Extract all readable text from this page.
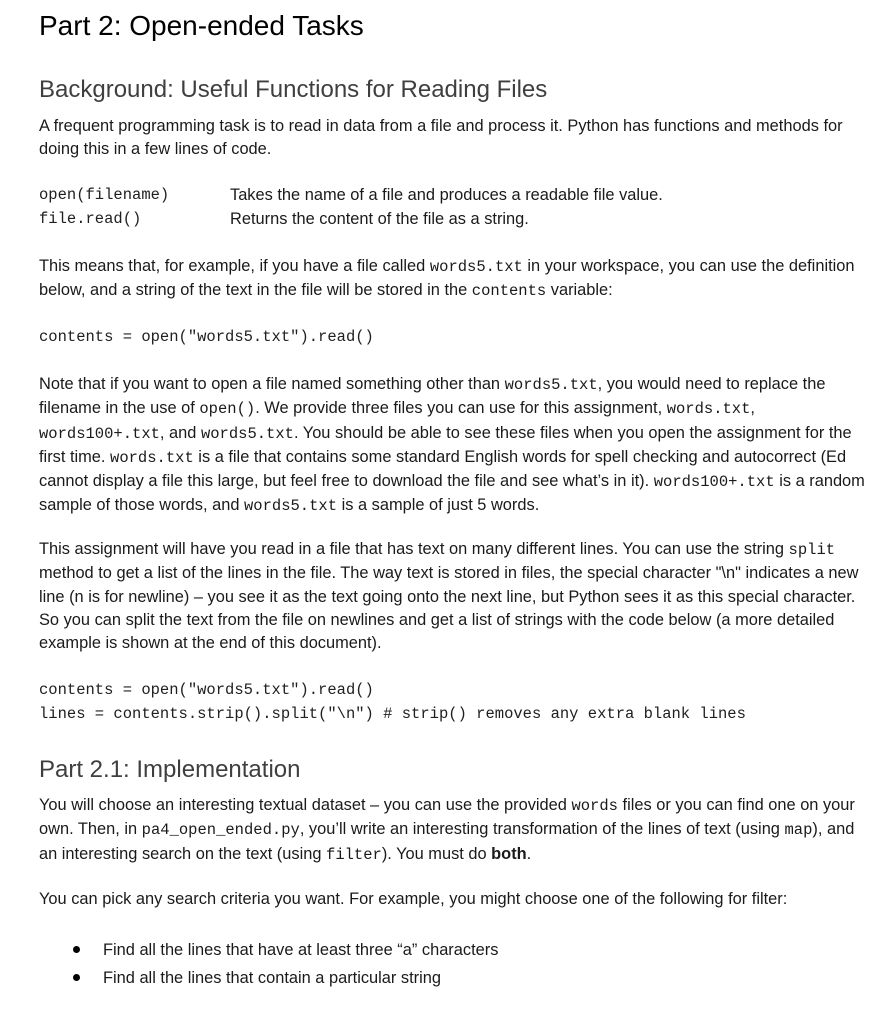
Part 2: Open-ended Tasks
Background: Useful Functions for Reading Files

A frequent programming task is to read in data from a file and process it. Python has functions and methods for doing this in a few lines of code.

open(filename)	Takes the name of a file and produces a readable file value.
file.read()	Returns the content of the file as a string.

This means that, for example, if you have a file called words5.txt in your workspace, you can use the definition below, and a string of the text in the file will be stored in the contents variable:

contents = open("words5.txt").read()

Note that if you want to open a file named something other than words5.txt, you would need to replace the filename in the use of open(). We provide three files you can use for this assignment, words.txt, words100+.txt, and words5.txt. You should be able to see these files when you open the assignment for the first time. words.txt is a file that contains some standard English words for spell checking and autocorrect (Ed cannot display a file this large, but feel free to download the file and see what’s in it). words100+.txt is a random sample of those words, and words5.txt is a sample of just 5 words.

This assignment will have you read in a file that has text on many different lines. You can use the string split method to get a list of the lines in the file. The way text is stored in files, the special character "\n" indicates a new line (n is for newline) – you see it as the text going onto the next line, but Python sees it as this special character. So you can split the text from the file on newlines and get a list of strings with the code below (a more detailed example is shown at the end of this document).

contents = open("words5.txt").read()
lines = contents.strip().split("\n") # strip() removes any extra blank lines
Part 2.1: Implementation

You will choose an interesting textual dataset – you can use the provided words files or you can find one on your own. Then, in pa4_open_ended.py, you’ll write an interesting transformation of the lines of text (using map), and an interesting search on the text (using filter). You must do both.

You can pick any search criteria you want. For example, you might choose one of the following for filter:

Find all the lines that have at least three “a” characters
Find all the lines that contain a particular string
